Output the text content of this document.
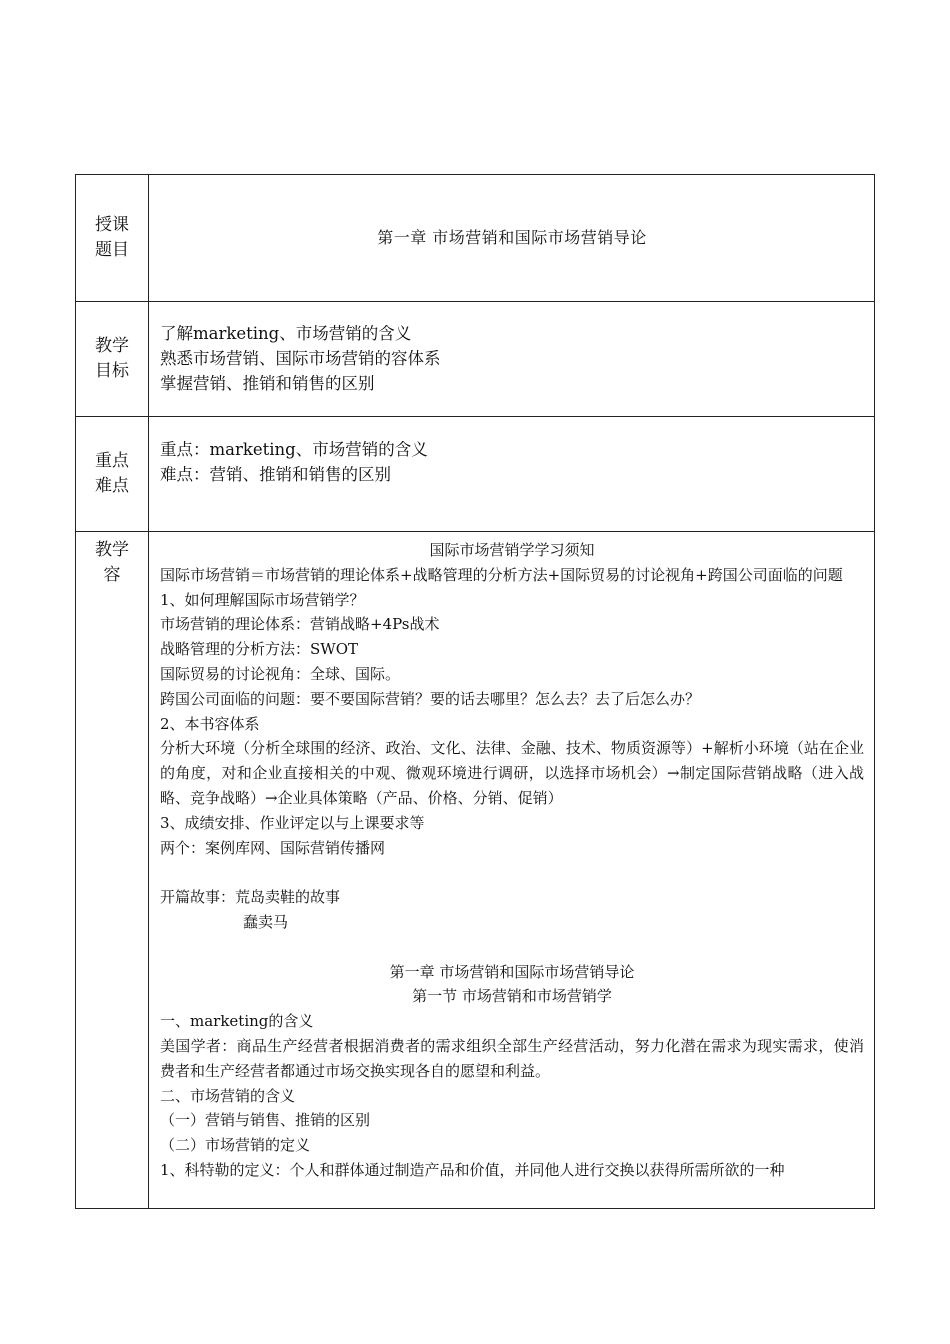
授课题目
第一章 市场营销和国际市场营销导论
教学目标
了解marketing、市场营销的含义
熟悉市场营销、国际市场营销的容体系
掌握营销、推销和销售的区别
重点难点
重点：marketing、市场营销的含义
难点：营销、推销和销售的区别
教学容
国际市场营销学学习须知
国际市场营销＝市场营销的理论体系+战略管理的分析方法+国际贸易的讨论视角+跨国公司面临的问题
1、如何理解国际市场营销学？
市场营销的理论体系：营销战略+4Ps战术
战略管理的分析方法：SWOT
国际贸易的讨论视角：全球、国际。
跨国公司面临的问题：要不要国际营销？要的话去哪里？怎么去？去了后怎么办？
2、本书容体系
分析大环境（分析全球围的经济、政治、文化、法律、金融、技术、物质资源等）+解析小环境（站在企业的角度，对和企业直接相关的中观、微观环境进行调研，以选择市场机会）→制定国际营销战略（进入战略、竞争战略）→企业具体策略（产品、价格、分销、促销）
3、成绩安排、作业评定以与上课要求等
两个：案例库网、国际营销传播网
开篇故事：荒岛卖鞋的故事
蠢卖马
第一章 市场营销和国际市场营销导论
第一节 市场营销和市场营销学
一、marketing的含义
美国学者：商品生产经营者根据消费者的需求组织全部生产经营活动，努力化潜在需求为现实需求，使消费者和生产经营者都通过市场交换实现各自的愿望和利益。
二、市场营销的含义
（一）营销与销售、推销的区别
（二）市场营销的定义
1、科特勒的定义：个人和群体通过制造产品和价值，并同他人进行交换以获得所需所欲的一种
